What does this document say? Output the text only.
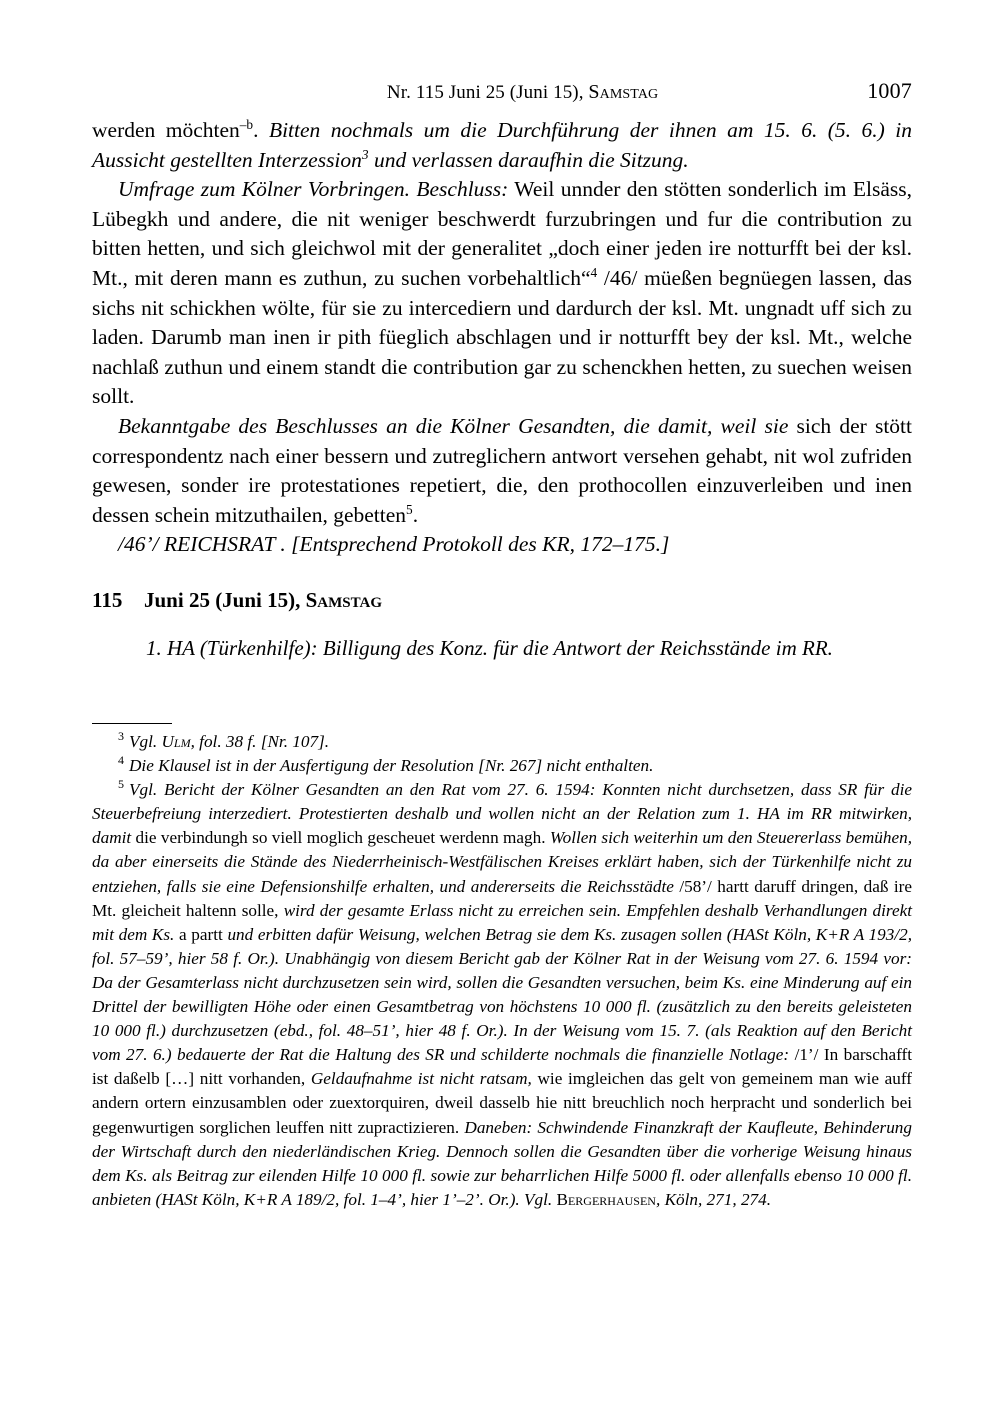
Nr. 115 Juni 25 (Juni 15), Samstag	1007

werden möchten$^{-b}$. Bitten nochmals um die Durchführung der ihnen am 15. 6. (5. 6.) in Aussicht gestellten Interzession$^3$ und verlassen daraufhin die Sitzung.

Umfrage zum Kölner Vorbringen. Beschluss: Weil unnder den stötten sonderlich im Elsäss, Lübegkh und andere, die nit weniger beschwerdt furzubringen und fur die contribution zu bitten hetten, und sich gleichwol mit der generalitet „doch einer jeden ire notturfft bei der ksl. Mt., mit deren mann es zuthun, zu suchen vorbehaltlich“$^4$ /46/ müeßen begnüegen lassen, das sichs nit schickhen wölte, für sie zu intercediern und dardurch der ksl. Mt. ungnadt uff sich zu laden. Darumb man inen ir pith füeglich abschlagen und ir notturfft bey der ksl. Mt., welche nachlaß zuthun und einem standt die contribution gar zu schenckhen hetten, zu suechen weisen sollt.

Bekanntgabe des Beschlusses an die Kölner Gesandten, die damit, weil sie sich der stött correspondentz nach einer bessern und zutreglichern antwort versehen gehabt, nit wol zufriden gewesen, sonder ire protestationes repetiert, die, den prothocollen einzuverleiben und inen dessen schein mitzuthailen, gebetten$^5$.

/46’/ REICHSRAT . [Entsprechend Protokoll des KR, 172–175.]

115	Juni 25 (Juni 15), Samstag
1. HA (Türkenhilfe): Billigung des Konz. für die Antwort der Reichsstände im RR.

$^3$ Vgl. Ulm, fol. 38 f. [Nr. 107].

$^4$ Die Klausel ist in der Ausfertigung der Resolution [Nr. 267] nicht enthalten.

$^5$ Vgl. Bericht der Kölner Gesandten an den Rat vom 27. 6. 1594: Konnten nicht durchsetzen, dass SR für die Steuerbefreiung interzediert. Protestierten deshalb und wollen nicht an der Relation zum 1. HA im RR mitwirken, damit die verbindungh so viell moglich gescheuet werdenn magh. Wollen sich weiterhin um den Steuererlass bemühen, da aber einerseits die Stände des Niederrheinisch-Westfälischen Kreises erklärt haben, sich der Türkenhilfe nicht zu entziehen, falls sie eine Defensionshilfe erhalten, und andererseits die Reichsstädte /58’/ hartt daruff dringen, daß ire Mt. gleicheit haltenn solle, wird der gesamte Erlass nicht zu erreichen sein. Empfehlen deshalb Verhandlungen direkt mit dem Ks. a partt und erbitten dafür Weisung, welchen Betrag sie dem Ks. zusagen sollen (HASt Köln, K+R A 193/2, fol. 57–59’, hier 58 f. Or.). Unabhängig von diesem Bericht gab der Kölner Rat in der Weisung vom 27. 6. 1594 vor: Da der Gesamterlass nicht durchzusetzen sein wird, sollen die Gesandten versuchen, beim Ks. eine Minderung auf ein Drittel der bewilligten Höhe oder einen Gesamtbetrag von höchstens 10 000 fl. (zusätzlich zu den bereits geleisteten 10 000 fl.) durchzusetzen (ebd., fol. 48–51’, hier 48 f. Or.). In der Weisung vom 15. 7. (als Reaktion auf den Bericht vom 27. 6.) bedauerte der Rat die Haltung des SR und schilderte nochmals die finanzielle Notlage: /1’/ In barschafft ist daßelb […] nitt vorhanden, Geldaufnahme ist nicht ratsam, wie imgleichen das gelt von gemeinem man wie auff andern ortern einzusamblen oder zuextorquiren, dweil dasselb hie nitt breuchlich noch herpracht und sonderlich bei gegenwurtigen sorglichen leuffen nitt zupractizieren. Daneben: Schwindende Finanzkraft der Kaufleute, Behinderung der Wirtschaft durch den niederländischen Krieg. Dennoch sollen die Gesandten über die vorherige Weisung hinaus dem Ks. als Beitrag zur eilenden Hilfe 10 000 fl. sowie zur beharrlichen Hilfe 5000 fl. oder allenfalls ebenso 10 000 fl. anbieten (HASt Köln, K+R A 189/2, fol. 1–4’, hier 1’–2’. Or.). Vgl. Bergerhausen, Köln, 271, 274.
